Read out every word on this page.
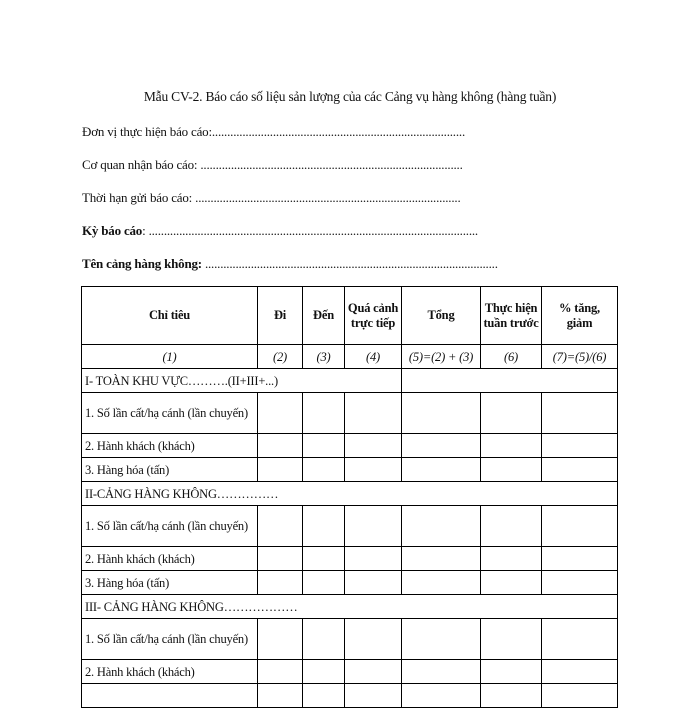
Mẫu CV-2. Báo cáo số liệu sản lượng của các Cảng vụ hàng không (hàng tuần)
Đơn vị thực hiện báo cáo:...................................................................................
Cơ quan nhận báo cáo: ......................................................................................
Thời hạn gửi báo cáo: .......................................................................................
Kỳ báo cáo: ............................................................................................................
Tên cảng hàng không: ................................................................................................
Chỉ tiêu	Đi	Đến	Quá cảnh trực tiếp	Tổng	Thực hiện tuần trước	% tăng, giảm
(1)	(2)	(3)	(4)	(5)=(2) + (3)	(6)	(7)=(5)/(6)
I- TOÀN KHU VỰC……….(II+III+...)						
1. Số lần cất/hạ cánh (lần chuyến)						
2. Hành khách (khách)						
3. Hàng hóa (tấn)						
II-CẢNG HÀNG KHÔNG……………						
1. Số lần cất/hạ cánh (lần chuyến)						
2. Hành khách (khách)						
3. Hàng hóa (tấn)						
III- CẢNG HÀNG KHÔNG………………						
1. Số lần cất/hạ cánh (lần chuyến)						
2. Hành khách (khách)						
